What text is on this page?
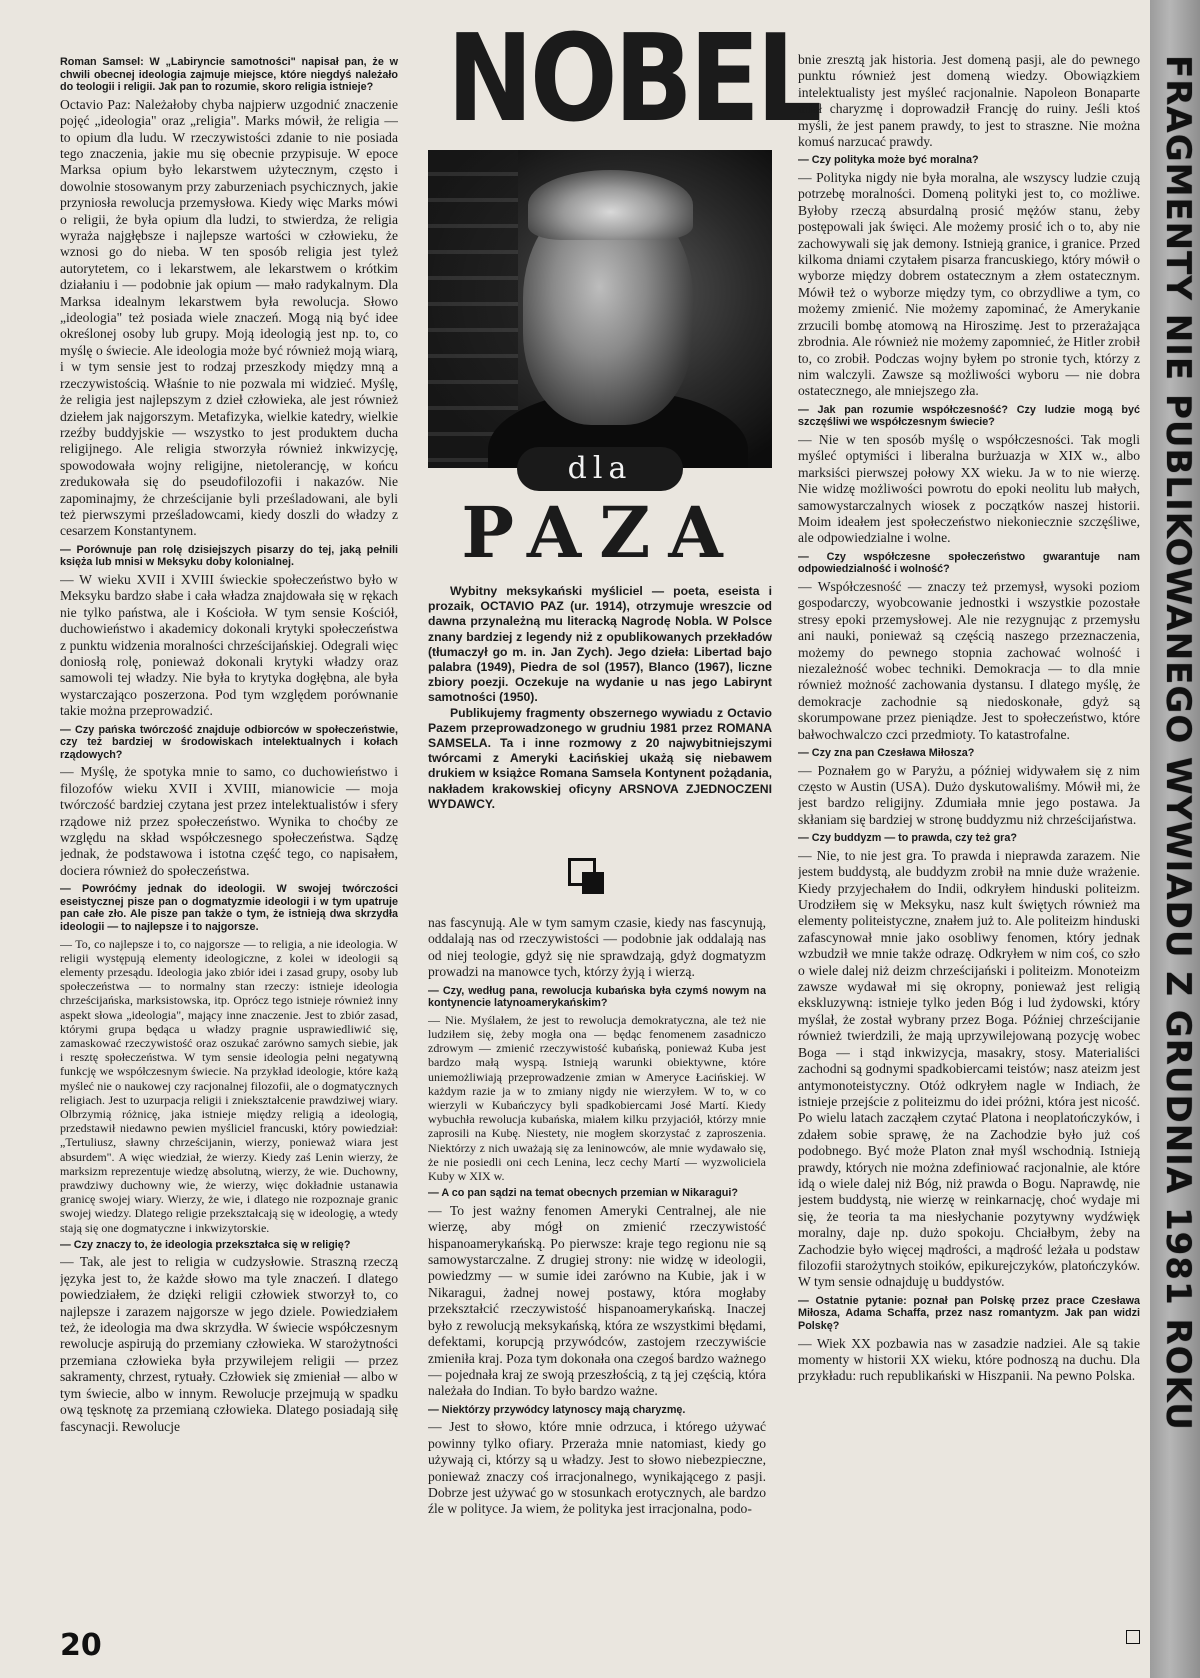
Roman Samsel: W „Labiryncie samotności" napisał pan, że w chwili obecnej ideologia zajmuje miejsce, które niegdyś należało do teologii i religii. Jak pan to rozumie, skoro religia istnieje?

Octavio Paz: Należałoby chyba najpierw uzgodnić znaczenie pojęć „ideologia" oraz „religia". Marks mówił, że religia — to opium dla ludu. W rzeczywistości zdanie to nie posiada tego znaczenia, jakie mu się obecnie przypisuje. W epoce Marksa opium było lekarstwem użytecznym, często i dowolnie stosowanym przy zaburzeniach psychicznych, jakie przyniosła rewolucja przemysłowa. Kiedy więc Marks mówi o religii, że była opium dla ludzi, to stwierdza, że religia wyraża najgłębsze i najlepsze wartości w człowieku, że wznosi go do nieba. W ten sposób religia jest tyleż autorytetem, co i lekarstwem, ale lekarstwem o krótkim działaniu i — podobnie jak opium — mało radykalnym. Dla Marksa idealnym lekarstwem była rewolucja. Słowo „ideologia" też posiada wiele znaczeń. Mogą nią być idee określonej osoby lub grupy. Moją ideologią jest np. to, co myślę o świecie. Ale ideologia może być również moją wiarą, i w tym sensie jest to rodzaj przeszkody między mną a rzeczywistością. Właśnie to nie pozwala mi widzieć. Myślę, że religia jest najlepszym z dzieł człowieka, ale jest również dziełem jak najgorszym. Metafizyka, wielkie katedry, wielkie rzeźby buddyjskie — wszystko to jest produktem ducha religijnego. Ale religia stworzyła również inkwizycję, spowodowała wojny religijne, nietolerancję, w końcu zredukowała się do pseudofilozofii i nakazów. Nie zapominajmy, że chrześcijanie byli prześladowani, ale byli też pierwszymi prześladowcami, kiedy doszli do władzy z cesarzem Konstantynem.

— Porównuje pan rolę dzisiejszych pisarzy do tej, jaką pełnili księża lub mnisi w Meksyku doby kolonialnej.

— W wieku XVII i XVIII świeckie społeczeństwo było w Meksyku bardzo słabe i cała władza znajdowała się w rękach nie tylko państwa, ale i Kościoła. W tym sensie Kościół, duchowieństwo i akademicy dokonali krytyki społeczeństwa z punktu widzenia moralności chrześcijańskiej. Odegrali więc doniosłą rolę, ponieważ dokonali krytyki władzy oraz samowoli tej władzy. Nie była to krytyka dogłębna, ale była wystarczająco poszerzona. Pod tym względem porównanie takie można przeprowadzić.

— Czy pańska twórczość znajduje odbiorców w społeczeństwie, czy też bardziej w środowiskach intelektualnych i kołach rządowych?

— Myślę, że spotyka mnie to samo, co duchowieństwo i filozofów wieku XVII i XVIII, mianowicie — moja twórczość bardziej czytana jest przez intelektualistów i sfery rządowe niż przez społeczeństwo. Wynika to choćby ze względu na skład współczesnego społeczeństwa. Sądzę jednak, że podstawowa i istotna część tego, co napisałem, dociera również do społeczeństwa.

— Powróćmy jednak do ideologii. W swojej twórczości eseistycznej pisze pan o dogmatyzmie ideologii i w tym upatruje pan całe zło. Ale pisze pan także o tym, że istnieją dwa skrzydła ideologii — to najlepsze i to najgorsze.

— To, co najlepsze i to, co najgorsze — to religia, a nie ideologia. W religii występują elementy ideologiczne, z kolei w ideologii są elementy przesądu. Ideologia jako zbiór idei i zasad grupy, osoby lub społeczeństwa — to normalny stan rzeczy: istnieje ideologia chrześcijańska, marksistowska, itp. Oprócz tego istnieje również inny aspekt słowa „ideologia", mający inne znaczenie. Jest to zbiór zasad, którymi grupa będąca u władzy pragnie usprawiedliwić się, zamaskować rzeczywistość oraz oszukać zarówno samych siebie, jak i resztę społeczeństwa. W tym sensie ideologia pełni negatywną funkcję we współczesnym świecie. Na przykład ideologie, które każą myśleć nie o naukowej czy racjonalnej filozofii, ale o dogmatycznych religiach. Jest to uzurpacja religii i zniekształcenie prawdziwej wiary. Olbrzymią różnicę, jaka istnieje między religią a ideologią, przedstawił niedawno pewien myśliciel francuski, który powiedział: „Tertuliusz, sławny chrześcijanin, wierzy, ponieważ wiara jest absurdem". A więc wiedział, że wierzy. Kiedy zaś Lenin wierzy, że marksizm reprezentuje wiedzę absolutną, wierzy, że wie. Duchowny, prawdziwy duchowny wie, że wierzy, więc dokładnie ustanawia granicę swojej wiary. Wierzy, że wie, i dlatego nie rozpoznaje granic swojej wiedzy. Dlatego religie przekształcają się w ideologię, a wtedy stają się one dogmatyczne i inkwizytorskie.

— Czy znaczy to, że ideologia przekształca się w religię?

— Tak, ale jest to religia w cudzysłowie. Straszną rzeczą języka jest to, że każde słowo ma tyle znaczeń. I dlatego powiedziałem, że dzięki religii człowiek stworzył to, co najlepsze i zarazem najgorsze w jego dziele. Powiedziałem też, że ideologia ma dwa skrzydła. W świecie współczesnym rewolucje aspirują do przemiany człowieka. W starożytności przemiana człowieka była przywilejem religii — przez sakramenty, chrzest, rytuały. Człowiek się zmieniał — albo w tym świecie, albo w innym. Rewolucje przejmują w spadku ową tęsknotę za przemianą człowieka. Dlatego posiadają siłę fascynacji. Rewolucje

NOBEL
dla
PAZA

Wybitny meksykański myśliciel — poeta, eseista i prozaik, OCTAVIO PAZ (ur. 1914), otrzymuje wreszcie od dawna przynależną mu literacką Nagrodę Nobla. W Polsce znany bardziej z legendy niż z opublikowanych przekładów (tłumaczył go m. in. Jan Zych). Jego dzieła: Libertad bajo palabra (1949), Piedra de sol (1957), Blanco (1967), liczne zbiory poezji. Oczekuje na wydanie u nas jego Labirynt samotności (1950).

Publikujemy fragmenty obszernego wywiadu z Octavio Pazem przeprowadzonego w grudniu 1981 przez ROMANA SAMSELA. Ta i inne rozmowy z 20 najwybitniejszymi twórcami z Ameryki Łacińskiej ukażą się niebawem drukiem w książce Romana Samsela Kontynent pożądania, nakładem krakowskiej oficyny ARSNOVA ZJEDNOCZENI WYDAWCY.

nas fascynują. Ale w tym samym czasie, kiedy nas fascynują, oddalają nas od rzeczywistości — podobnie jak oddalają nas od niej teologie, gdyż się nie sprawdzają, gdyż dogmatyzm prowadzi na manowce tych, którzy żyją i wierzą.

— Czy, według pana, rewolucja kubańska była czymś nowym na kontynencie latynoamerykańskim?

— Nie. Myślałem, że jest to rewolucja demokratyczna, ale też nie ludziłem się, żeby mogła ona — będąc fenomenem zasadniczo zdrowym — zmienić rzeczywistość kubańską, ponieważ Kuba jest bardzo małą wyspą. Istnieją warunki obiektywne, które uniemożliwiają przeprowadzenie zmian w Ameryce Łacińskiej. W każdym razie ja w to zmiany nigdy nie wierzyłem. W to, w co wierzyli w Kubańczycy byli spadkobiercami José Martí. Kiedy wybuchła rewolucja kubańska, miałem kilku przyjaciół, którzy mnie zaprosili na Kubę. Niestety, nie mogłem skorzystać z zaproszenia. Niektórzy z nich uważają się za leninowców, ale mnie wydawało się, że nie posiedli oni cech Lenina, lecz cechy Martí — wyzwoliciela Kuby w XIX w.

— A co pan sądzi na temat obecnych przemian w Nikaragui?

— To jest ważny fenomen Ameryki Centralnej, ale nie wierzę, aby mógł on zmienić rzeczywistość hispanoamerykańską. Po pierwsze: kraje tego regionu nie są samowystarczalne. Z drugiej strony: nie widzę w ideologii, powiedzmy — w sumie idei zarówno na Kubie, jak i w Nikaragui, żadnej nowej postawy, która mogłaby przekształcić rzeczywistość hispanoamerykańską. Inaczej było z rewolucją meksykańską, która ze wszystkimi błędami, defektami, korupcją przywódców, zastojem rzeczywiście zmieniła kraj. Poza tym dokonała ona czegoś bardzo ważnego — pojednała kraj ze swoją przeszłością, z tą jej częścią, która należała do Indian. To było bardzo ważne.

— Niektórzy przywódcy latynoscy mają charyzmę.

— Jest to słowo, które mnie odrzuca, i którego używać powinny tylko ofiary. Przeraża mnie natomiast, kiedy go używają ci, którzy są u władzy. Jest to słowo niebezpieczne, ponieważ znaczy coś irracjonalnego, wynikającego z pasji. Dobrze jest używać go w stosunkach erotycznych, ale bardzo źle w polityce. Ja wiem, że polityka jest irracjonalna, podo-

bnie zresztą jak historia. Jest domeną pasji, ale do pewnego punktu również jest domeną wiedzy. Obowiązkiem intelektualisty jest myśleć racjonalnie. Napoleon Bonaparte miał charyzmę i doprowadził Francję do ruiny. Jeśli ktoś myśli, że jest panem prawdy, to jest to straszne. Nie można komuś narzucać prawdy.

— Czy polityka może być moralna?

— Polityka nigdy nie była moralna, ale wszyscy ludzie czują potrzebę moralności. Domeną polityki jest to, co możliwe. Byłoby rzeczą absurdalną prosić mężów stanu, żeby postępowali jak święci. Ale możemy prosić ich o to, aby nie zachowywali się jak demony. Istnieją granice, i granice. Przed kilkoma dniami czytałem pisarza francuskiego, który mówił o wyborze między dobrem ostatecznym a złem ostatecznym. Mówił też o wyborze między tym, co obrzydliwe a tym, co możemy zmienić. Nie możemy zapominać, że Amerykanie zrzucili bombę atomową na Hiroszimę. Jest to przerażająca zbrodnia. Ale również nie możemy zapomnieć, że Hitler zrobił to, co zrobił. Podczas wojny byłem po stronie tych, którzy z nim walczyli. Zawsze są możliwości wyboru — nie dobra ostatecznego, ale mniejszego zła.

— Jak pan rozumie współczesność? Czy ludzie mogą być szczęśliwi we współczesnym świecie?

— Nie w ten sposób myślę o współczesności. Tak mogli myśleć optymiści i liberalna burżuazja w XIX w., albo marksiści pierwszej połowy XX wieku. Ja w to nie wierzę. Nie widzę możliwości powrotu do epoki neolitu lub małych, samowystarczalnych wiosek z początków naszej historii. Moim ideałem jest społeczeństwo niekoniecznie szczęśliwe, ale odpowiedzialne i wolne.

— Czy współczesne społeczeństwo gwarantuje nam odpowiedzialność i wolność?

— Współczesność — znaczy też przemysł, wysoki poziom gospodarczy, wyobcowanie jednostki i wszystkie pozostałe stresy epoki przemysłowej. Ale nie rezygnując z przemysłu ani nauki, ponieważ są częścią naszego przeznaczenia, możemy do pewnego stopnia zachować wolność i niezależność wobec techniki. Demokracja — to dla mnie również możność zachowania dystansu. I dlatego myślę, że demokracje zachodnie są niedoskonałe, gdyż są skorumpowane przez pieniądze. Jest to społeczeństwo, które bałwochwalczo czci przedmioty. To katastrofalne.

— Czy zna pan Czesława Miłosza?

— Poznałem go w Paryżu, a później widywałem się z nim często w Austin (USA). Dużo dyskutowaliśmy. Mówił mi, że jest bardzo religijny. Zdumiała mnie jego postawa. Ja skłaniam się bardziej w stronę buddyzmu niż chrześcijaństwa.

— Czy buddyzm — to prawda, czy też gra?

— Nie, to nie jest gra. To prawda i nieprawda zarazem. Nie jestem buddystą, ale buddyzm zrobił na mnie duże wrażenie. Kiedy przyjechałem do Indii, odkryłem hinduski politeizm. Urodziłem się w Meksyku, nasz kult świętych również ma elementy politeistyczne, znałem już to. Ale politeizm hinduski zafascynował mnie jako osobliwy fenomen, który jednak wzbudził we mnie także odrazę. Odkryłem w nim coś, co szło o wiele dalej niż deizm chrześcijański i politeizm. Monoteizm zawsze wydawał mi się okropny, ponieważ jest religią ekskluzywną: istnieje tylko jeden Bóg i lud żydowski, który myślał, że został wybrany przez Boga. Później chrześcijanie również twierdzili, że mają uprzywilejowaną pozycję wobec Boga — i stąd inkwizycja, masakry, stosy. Materialiści zachodni są godnymi spadkobiercami teistów; nasz ateizm jest antymonoteistyczny. Otóż odkryłem nagle w Indiach, że istnieje przejście z politeizmu do idei próżni, która jest nicość. Po wielu latach zacząłem czytać Platona i neoplatończyków, i zdałem sobie sprawę, że na Zachodzie było już coś podobnego. Być może Platon znał myśl wschodnią. Istnieją prawdy, których nie można zdefiniować racjonalnie, ale które idą o wiele dalej niż Bóg, niż prawda o Bogu. Naprawdę, nie jestem buddystą, nie wierzę w reinkarnację, choć wydaje mi się, że teoria ta ma niesłychanie pozytywny wydźwięk moralny, daje np. dużo spokoju. Chciałbym, żeby na Zachodzie było więcej mądrości, a mądrość leżała u podstaw filozofii starożytnych stoików, epikurejczyków, platończyków. W tym sensie odnajduję u buddystów.

— Ostatnie pytanie: poznał pan Polskę przez prace Czesława Miłosza, Adama Schaffa, przez nasz romantyzm. Jak pan widzi Polskę?

— Wiek XX pozbawia nas w zasadzie nadziei. Ale są takie momenty w historii XX wieku, które podnoszą na duchu. Dla przykładu: ruch republikański w Hiszpanii. Na pewno Polska. FRAGMENTY NIE PUBLIKOWANEGO WYWIADU Z GRUDNIA 1981 ROKU
20
